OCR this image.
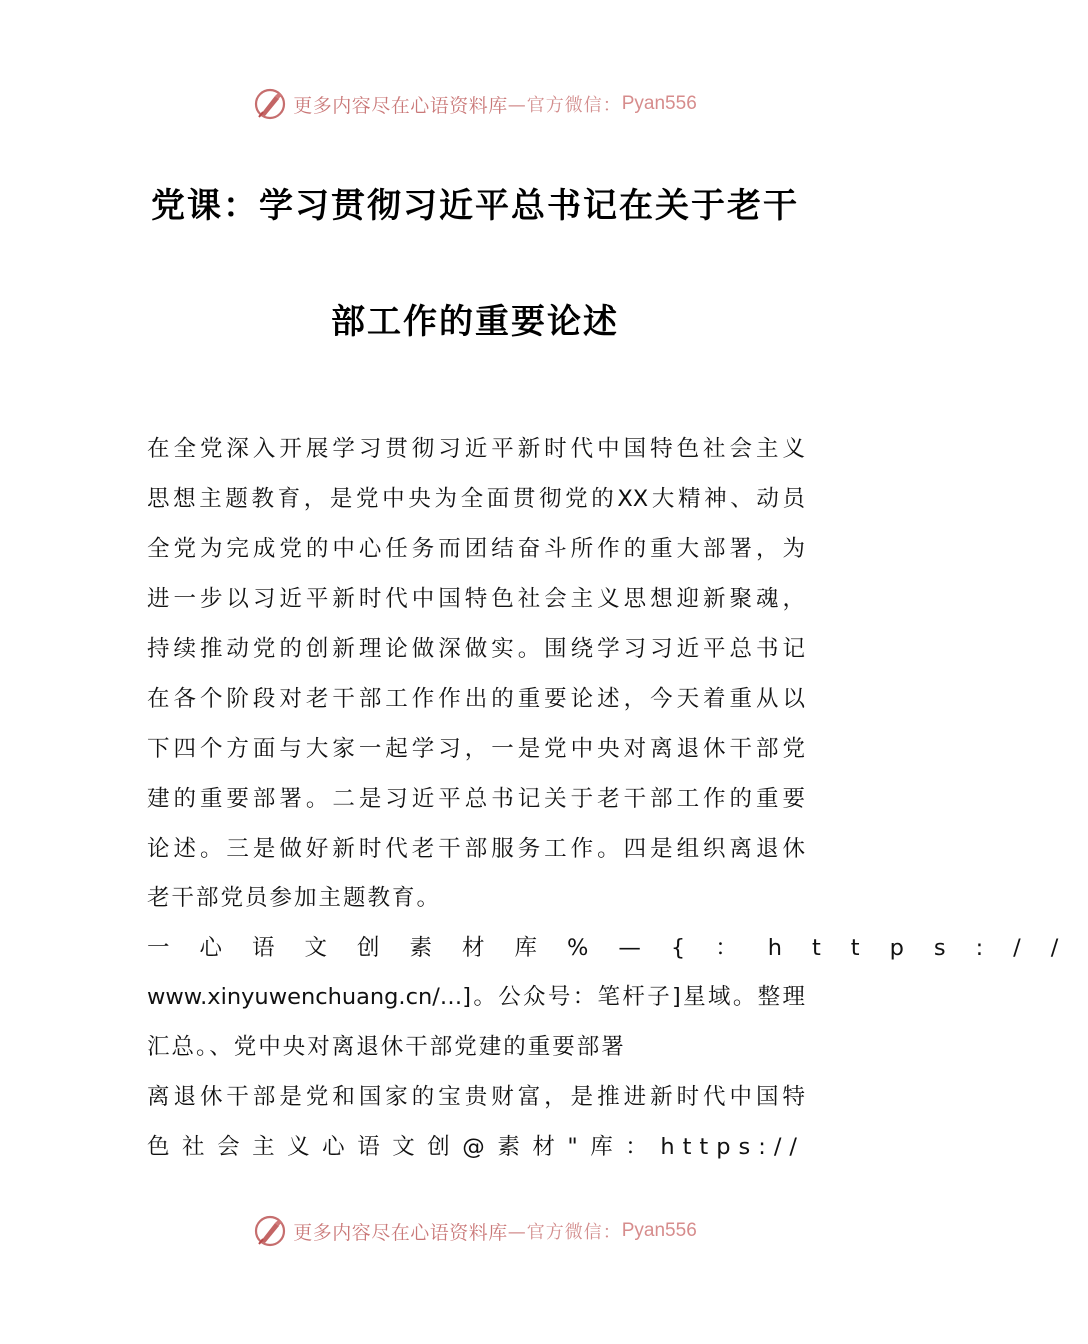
更多内容尽在心语资料库 —官方微信： Pyan556
党课：学习贯彻习近平总书记在关于老干
部工作的重要论述
在全党深入开展学习贯彻习近平新时代中国特色社会主义
思想主题教育，是党中央为全面贯彻党的XX大精神、动员
全党为完成党的中心任务而团结奋斗所作的重大部署，为
进一步以习近平新时代中国特色社会主义思想迎新聚魂，
持续推动党的创新理论做深做实。围绕学习习近平总书记
在各个阶段对老干部工作作出的重要论述，今天着重从以
下四个方面与大家一起学习，一是党中央对离退休干部党
建的重要部署。二是习近平总书记关于老干部工作的重要
论述。三是做好新时代老干部服务工作。四是组织离退休
老干部党员参加主题教育。
一心语文创素材库%—{：https://
www.xinyuwenchuang.cn/…]。公众号：笔杆子]星域。整理
汇总。、党中央对离退休干部党建的重要部署
离退休干部是党和国家的宝贵财富，是推进新时代中国特
色社会主义心语文创@素材"库：https://
更多内容尽在心语资料库 —官方微信： Pyan556
